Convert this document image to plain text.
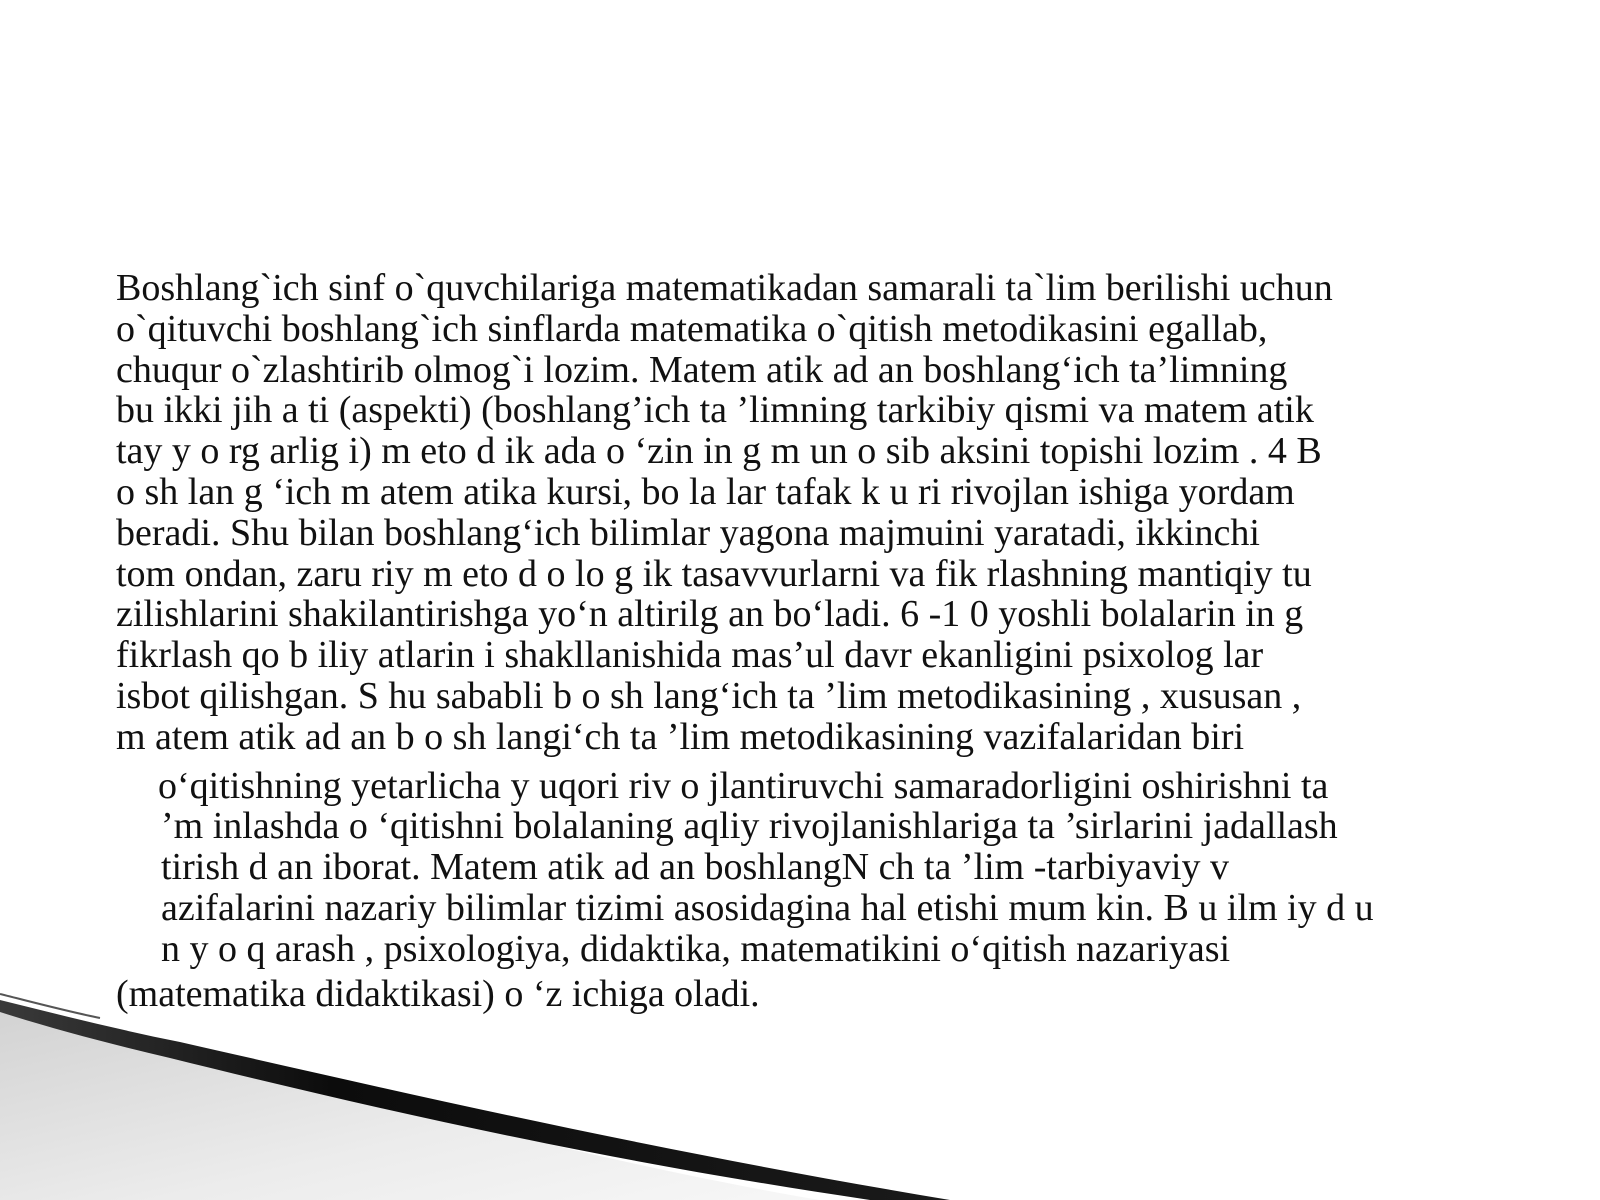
Boshlang`ich sinf o`quvchilariga matematikadan samarali ta`lim berilishi uchun
o`qituvchi boshlang`ich sinflarda matematika o`qitish metodikasini egallab,
chuqur o`zlashtirib olmog`i lozim. Matem atik ad an boshlang‘ich ta’limning
bu ikki jih a ti (aspekti) (boshlang’ich ta ’limning tarkibiy qismi va matem atik
tay y o rg arlig i) m eto d ik ada o ‘zin in g m un o sib aksini topishi lozim . 4 B
o sh lan g ‘ich m atem atika kursi, bo la lar tafak k u ri rivojlan ishiga yordam
beradi. Shu bilan boshlang‘ich bilimlar yagona majmuini yaratadi, ikkinchi
tom ondan, zaru riy m eto d o lo g ik tasavvurlarni va fik rlashning mantiqiy tu
zilishlarini shakilantirishga yo‘n altirilg an bo‘ladi. 6 -1 0 yoshli bolalarin in g
fikrlash qo b iliy atlarin i shakllanishida mas’ul davr ekanligini psixolog lar
isbot qilishgan. S hu sababli b o sh lang‘ich ta ’lim metodikasining , xususan ,
m atem atik ad an b o sh langi‘ch ta ’lim metodikasining vazifalaridan biri

o‘qitishning yetarlicha y uqori riv o jlantiruvchi samaradorligini oshirishni ta
’m inlashda o ‘qitishni bolalaning aqliy rivojlanishlariga ta ’sirlarini jadallash
tirish d an iborat. Matem atik ad an boshlangN ch ta ’lim -tarbiyaviy v
azifalarini nazariy bilimlar tizimi asosidagina hal etishi mum kin. B u ilm iy d u
n y o q arash , psixologiya, didaktika, matematikini o‘qitish nazariyasi

(matematika didaktikasi) o ‘z ichiga oladi.
